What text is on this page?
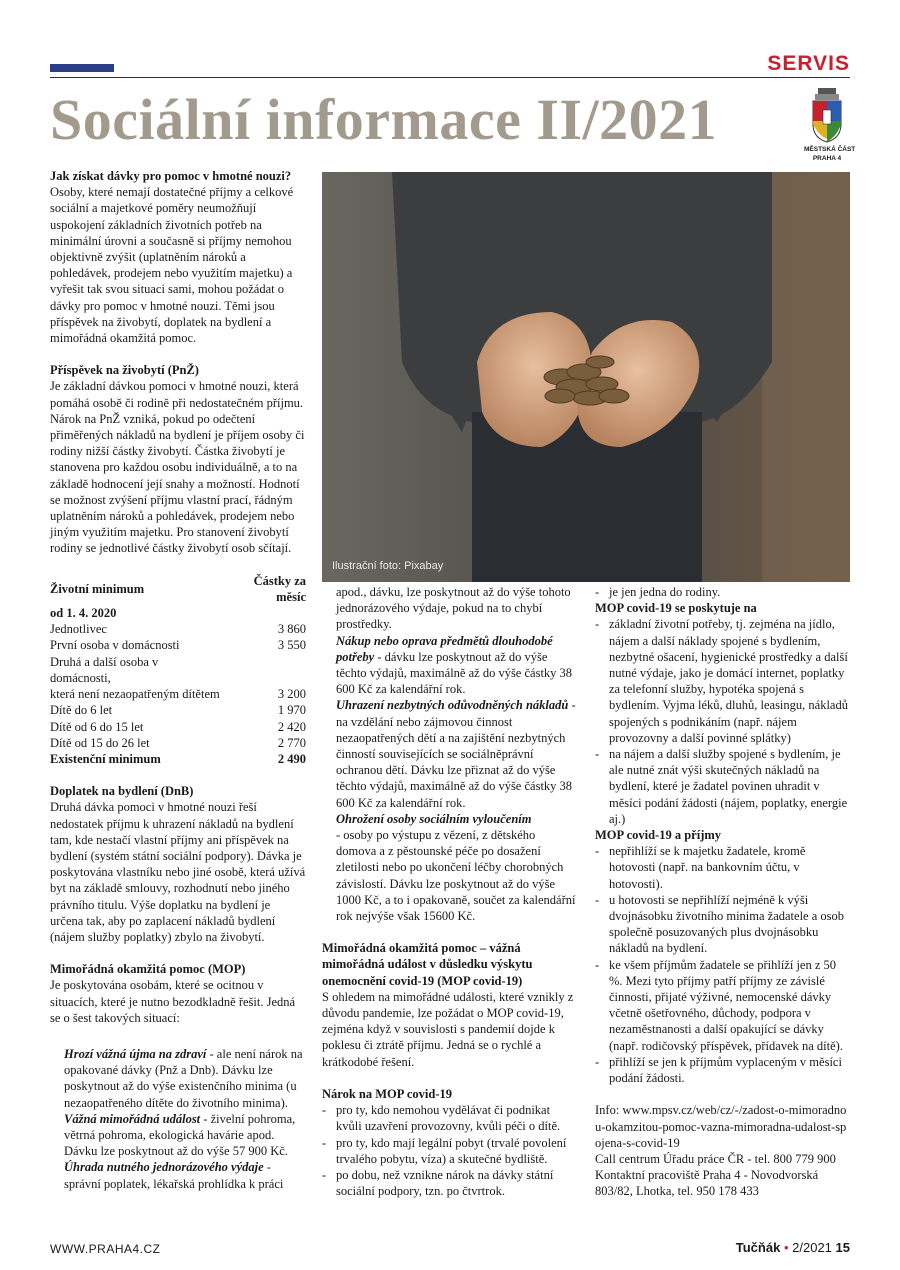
SERVIS
Sociální informace II/2021	MĚSTSKÁ ČÁST
PRAHA 4
Ilustrační foto: Pixabay

Jak získat dávky pro pomoc v hmotné nouzi?
Osoby, které nemají dostatečné příjmy a celkové sociální a majetkové poměry neumožňují uspokojení základních životních potřeb na minimální úrovni a současně si příjmy nemohou objektivně zvýšit (uplatněním nároků a pohledávek, prodejem nebo využitím majetku) a vyřešit tak svou situaci sami, mohou požádat o dávky pro pomoc v hmotné nouzi. Těmi jsou příspěvek na živobytí, doplatek na bydlení a mimořádná okamžitá pomoc.

Příspěvek na živobytí (PnŽ)
Je základní dávkou pomoci v hmotné nouzi, která pomáhá osobě či rodině při nedostatečném příjmu. Nárok na PnŽ vzniká, pokud po odečtení přiměřených nákladů na bydlení je příjem osoby či rodiny nižší částky živobytí. Částka živobytí je stanovena pro každou osobu individuálně, a to na základě hodnocení její snahy a možností. Hodnotí se možnost zvýšení příjmu vlastní prací, řádným uplatněním nároků a pohledávek, prodejem nebo jiným využitím majetku. Pro stanovení živobytí rodiny se jednotlivé částky živobytí osob sčítají.

Životní minimum	Částky za měsíc
od 1. 4. 2020	
Jednotlivec	3 860
První osoba v domácnosti	3 550
Druhá a další osoba v domácnosti,	
která není nezaopatřeným dítětem	3 200
Dítě do 6 let	1 970
Dítě od 6 do 15 let	2 420
Dítě od 15 do 26 let	2 770
Existenční minimum	2 490

Doplatek na bydlení (DnB)
Druhá dávka pomoci v hmotné nouzi řeší nedostatek příjmu k uhrazení nákladů na bydlení tam, kde nestačí vlastní příjmy ani příspěvek na bydlení (systém státní sociální podpory). Dávka je poskytována vlastníku nebo jiné osobě, která užívá byt na základě smlouvy, rozhodnutí nebo jiného právního titulu. Výše doplatku na bydlení je určena tak, aby po zaplacení nákladů bydlení (nájem služby poplatky) zbylo na živobytí.

Mimořádná okamžitá pomoc (MOP)
Je poskytována osobám, které se ocitnou v situacích, které je nutno bezodkladně řešit. Jedná se o šest takových situací:

Hrozí vážná újma na zdraví - ale není nárok na opakované dávky (Pnž a Dnb). Dávku lze poskytnout až do výše existenčního minima (u nezaopatřeného dítěte do životního minima).
Vážná mimořádná událost - živelní pohroma, větrná pohroma, ekologická havárie apod. Dávku lze poskytnout až do výše 57 900 Kč.
Úhrada nutného jednorázového výdaje - správní poplatek, lékařská prohlídka k práci
apod., dávku, lze poskytnout až do výše tohoto jednorázového výdaje, pokud na to chybí prostředky.
Nákup nebo oprava předmětů dlouhodobé potřeby - dávku lze poskytnout až do výše těchto výdajů, maximálně až do výše částky 38 600 Kč za kalendářní rok.
Uhrazení nezbytných odůvodněných nákladů - na vzdělání nebo zájmovou činnost nezaopatřených dětí a na zajištění nezbytných činností souvisejících se sociálněprávní ochranou dětí. Dávku lze přiznat až do výše těchto výdajů, maximálně až do výše částky 38 600 Kč za kalendářní rok.
Ohrožení osoby sociálním vyloučením
- osoby po výstupu z vězení, z dětského domova a z pěstounské péče po dosažení zletilosti nebo po ukončení léčby chorobných závislostí. Dávku lze poskytnout až do výše 1000 Kč, a to i opakovaně, součet za kalendářní rok nejvýše však 15600 Kč.

Mimořádná okamžitá pomoc – vážná mimořádná událost v důsledku výskytu onemocnění covid-19 (MOP covid-19)
S ohledem na mimořádné události, které vznikly z důvodu pandemie, lze požádat o MOP covid-19, zejména když v souvislosti s pandemií dojde k poklesu či ztrátě příjmu. Jedná se o rychlé a krátkodobé řešení.

Nárok na MOP covid-19
- pro ty, kdo nemohou vydělávat či podnikat kvůli uzavření provozovny, kvůli péči o dítě.
- pro ty, kdo mají legální pobyt (trvalé povolení trvalého pobytu, víza) a skutečné bydliště.
- po dobu, než vznikne nárok na dávky státní sociální podpory, tzn. po čtvrtrok.
- je jen jedna do rodiny.
MOP covid-19 se poskytuje na
- základní životní potřeby, tj. zejména na jídlo, nájem a další náklady spojené s bydlením, nezbytné ošacení, hygienické prostředky a další nutné výdaje, jako je domácí internet, poplatky za telefonní služby, hypotéka spojená s bydlením. Vyjma léků, dluhů, leasingu, nákladů spojených s podnikáním (např. nájem provozovny a další povinné splátky)
- na nájem a další služby spojené s bydlením, je ale nutné znát výši skutečných nákladů na bydlení, které je žadatel povinen uhradit v měsíci podání žádosti (nájem, poplatky, energie aj.)
MOP covid-19 a příjmy
- nepřihlíží se k majetku žadatele, kromě hotovosti (např. na bankovním účtu, v hotovosti).
- u hotovosti se nepřihlíží nejméně k výši dvojnásobku životního minima žadatele a osob společně posuzovaných plus dvojnásobku nákladů na bydlení.
- ke všem příjmům žadatele se přihlíží jen z 50 %. Mezi tyto příjmy patří příjmy ze závislé činnosti, přijaté výživné, nemocenské dávky včetně ošetřovného, důchody, podpora v nezaměstnanosti a další opakující se dávky (např. rodičovský příspěvek, přídavek na dítě).
- přihlíží se jen k příjmům vyplaceným v měsíci podání žádosti.
Info: www.mpsv.cz/web/cz/-/zadost-o-mimoradnou-okamzitou-pomoc-vazna-mimoradna-udalost-spojena-s-covid-19
Call centrum Úřadu práce ČR - tel. 800 779 900
Kontaktní pracoviště Praha 4 - Novodvorská 803/82, Lhotka, tel. 950 178 433
WWW.PRAHA4.CZ	Tučňák • 2/2021 15
